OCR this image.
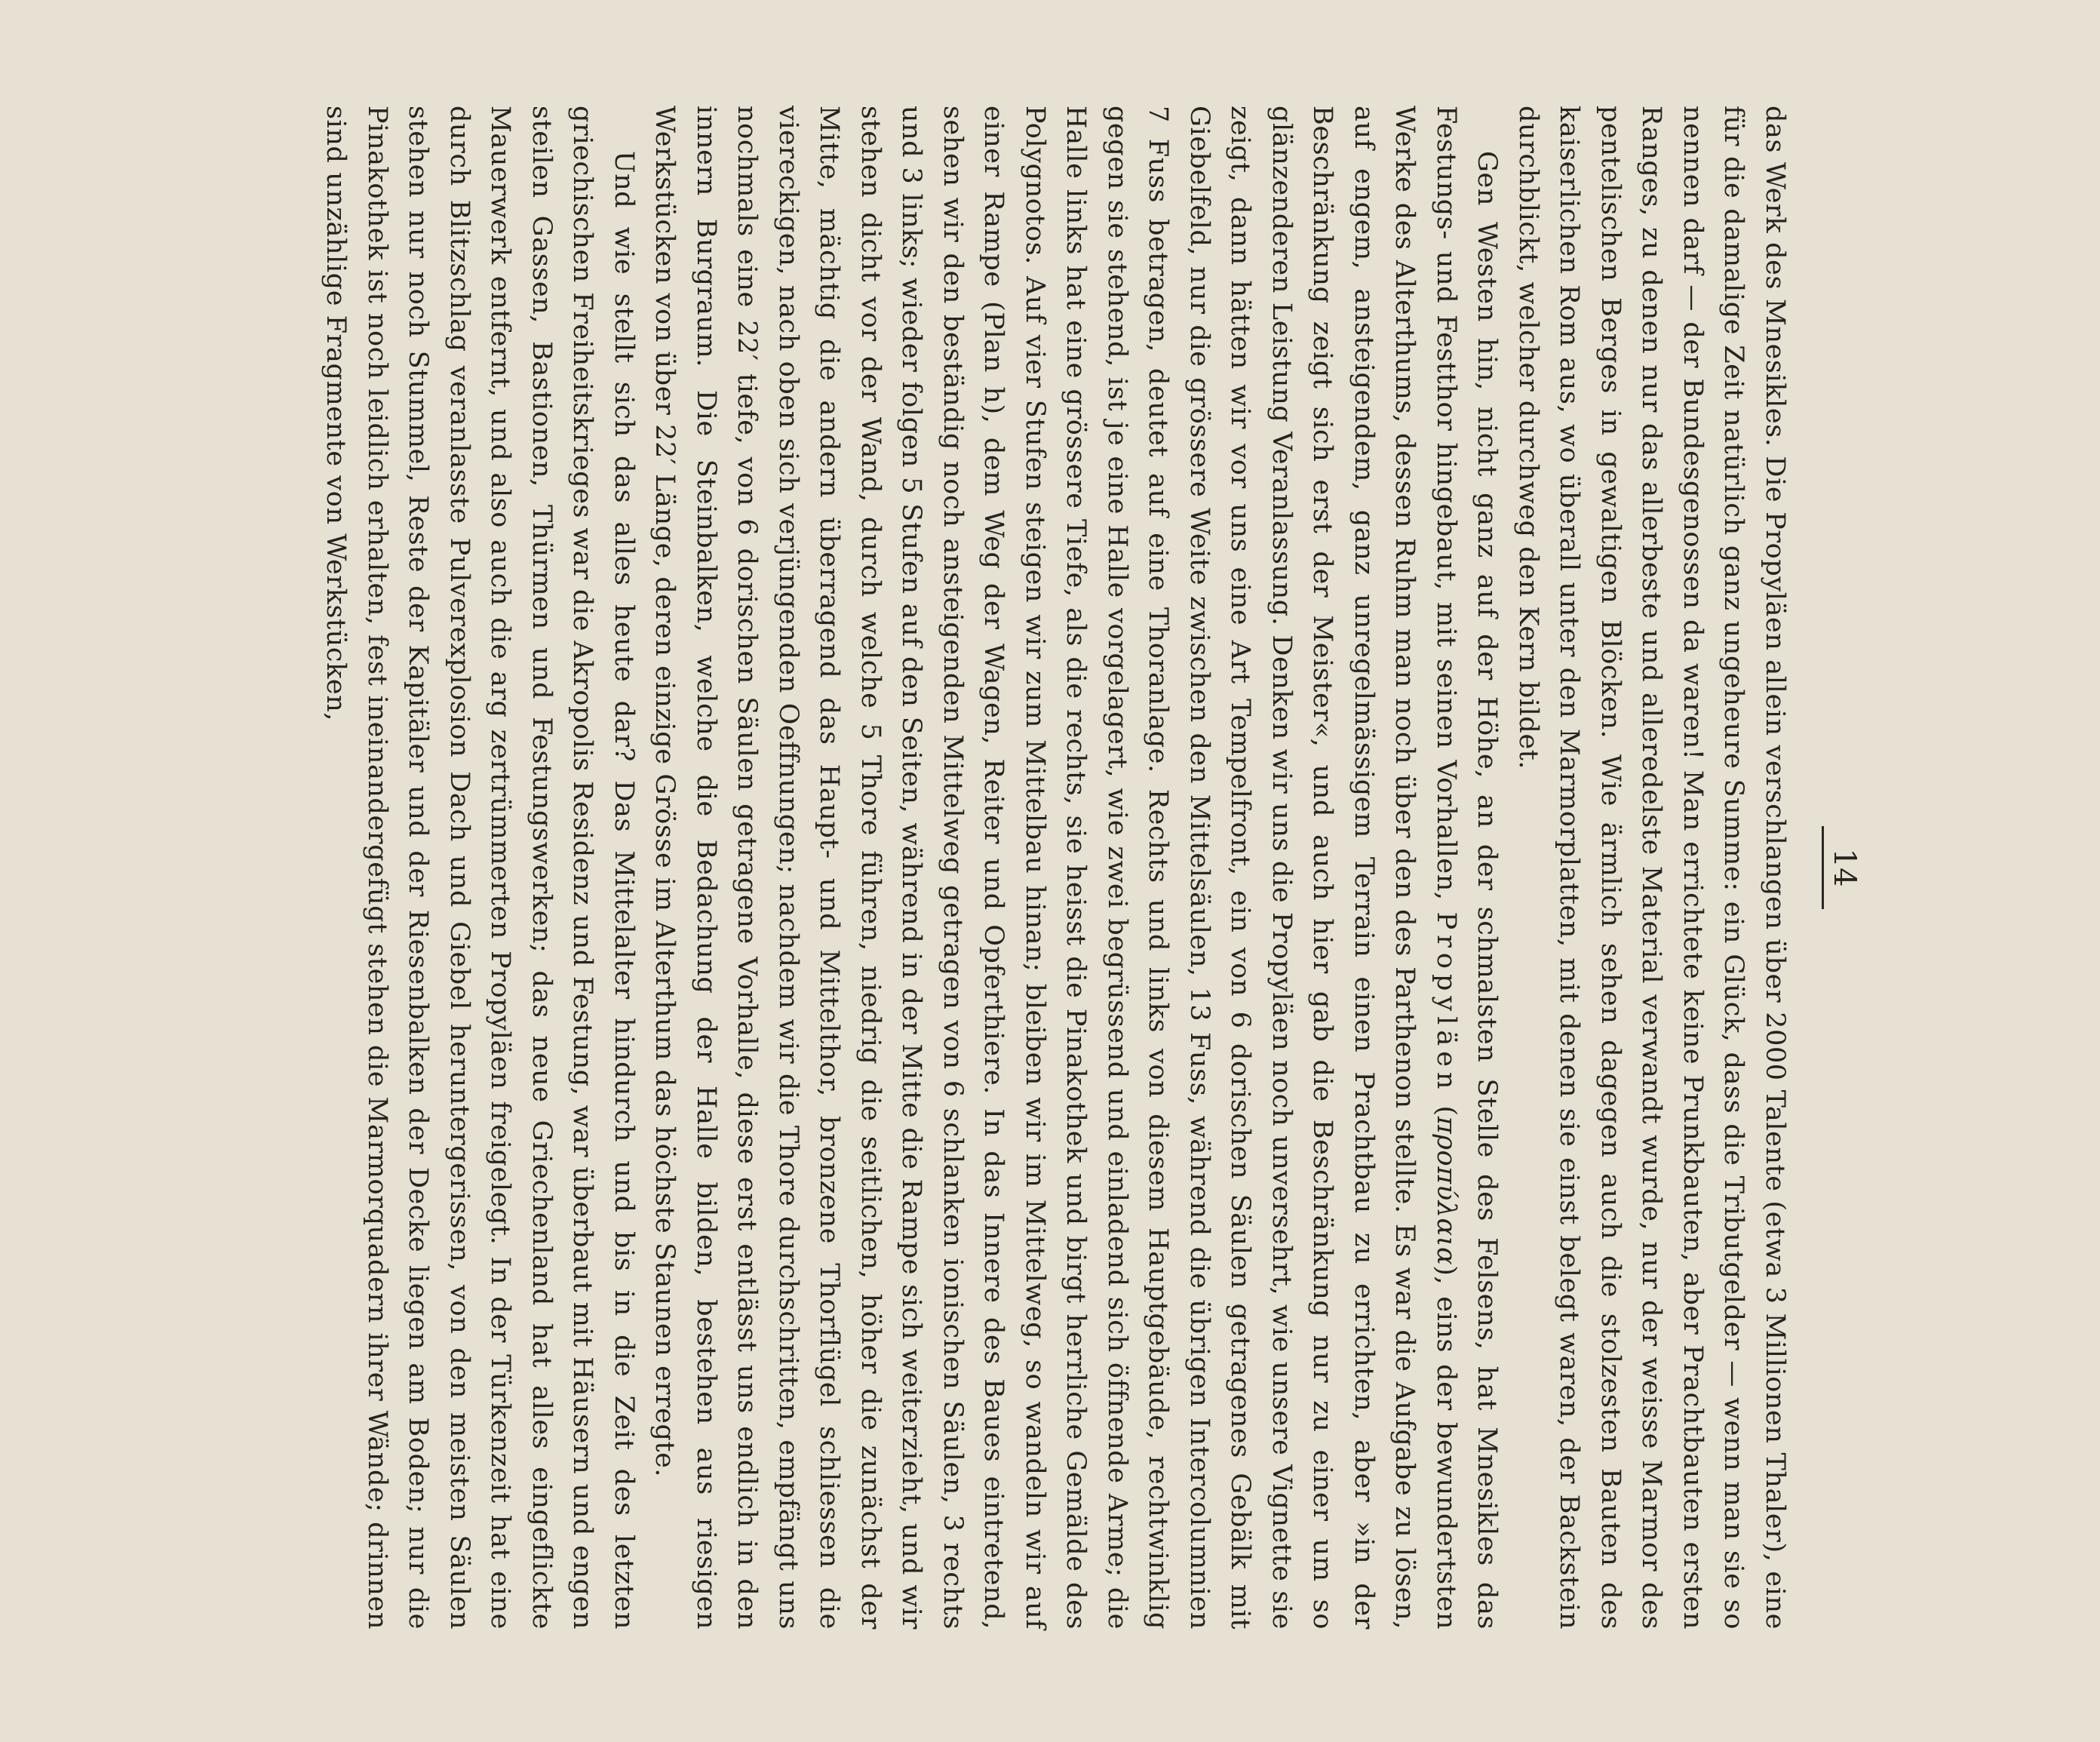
14

das Werk des Mnesikles. Die Propyläen allein verschlangen über 2000 Talente (etwa 3 Millionen Thaler), eine für die damalige Zeit natürlich ganz ungeheure Summe: ein Glück, dass die Tributgelder — wenn man sie so nennen darf — der Bundesgenossen da waren! Man errichtete keine Prunkbauten, aber Prachtbauten ersten Ranges, zu denen nur das allerbeste und alleredelste Material verwandt wurde, nur der weisse Marmor des pentelischen Berges in gewaltigen Blöcken. Wie ärmlich sehen dagegen auch die stolzesten Bauten des kaiserlichen Rom aus, wo überall unter den Marmorplatten, mit denen sie einst belegt waren, der Backstein durchblickt, welcher durchweg den Kern bildet.

Gen Westen hin, nicht ganz auf der Höhe, an der schmalsten Stelle des Felsens, hat Mnesikles das Festungs- und Festthor hingebaut, mit seinen Vorhallen, Propyläen (προπύλαια), eins der bewundertsten Werke des Alterthums, dessen Ruhm man noch über den des Parthenon stellte. Es war die Aufgabe zu lösen, auf engem, ansteigendem, ganz unregelmässigem Terrain einen Prachtbau zu errichten, aber »in der Beschränkung zeigt sich erst der Meister«, und auch hier gab die Beschränkung nur zu einer um so glänzenderen Leistung Veranlassung. Denken wir uns die Propyläen noch unversehrt, wie unsere Vignette sie zeigt, dann hätten wir vor uns eine Art Tempelfront, ein von 6 dorischen Säulen getragenes Gebälk mit Giebelfeld, nur die grössere Weite zwischen den Mittelsäulen, 13 Fuss, während die übrigen Intercolumnien 7 Fuss betragen, deutet auf eine Thoranlage. Rechts und links von diesem Hauptgebäude, rechtwinklig gegen sie stehend, ist je eine Halle vorgelagert, wie zwei begrüssend und einladend sich öffnende Arme; die Halle links hat eine grössere Tiefe, als die rechts, sie heisst die Pinakothek und birgt herrliche Gemälde des Polygnotos. Auf vier Stufen steigen wir zum Mittelbau hinan; bleiben wir im Mittelweg, so wandeln wir auf einer Rampe (Plan h), dem Weg der Wagen, Reiter und Opferthiere. In das Innere des Baues eintretend, sehen wir den beständig noch ansteigenden Mittelweg getragen von 6 schlanken ionischen Säulen, 3 rechts und 3 links; wieder folgen 5 Stufen auf den Seiten, während in der Mitte die Rampe sich weiterzieht, und wir stehen dicht vor der Wand, durch welche 5 Thore führen, niedrig die seitlichen, höher die zunächst der Mitte, mächtig die andern überragend das Haupt- und Mittelthor, bronzene Thorflügel schliessen die viereckigen, nach oben sich verjüngenden Oeffnungen; nachdem wir die Thore durchschritten, empfängt uns nochmals eine 22′ tiefe, von 6 dorischen Säulen getragene Vorhalle, diese erst entlässt uns endlich in den innern Burgraum. Die Steinbalken, welche die Bedachung der Halle bilden, bestehen aus riesigen Werkstücken von über 22′ Länge, deren einzige Grösse im Alterthum das höchste Staunen erregte.

Und wie stellt sich das alles heute dar? Das Mittelalter hindurch und bis in die Zeit des letzten griechischen Freiheitskrieges war die Akropolis Residenz und Festung, war überbaut mit Häusern und engen steilen Gassen, Bastionen, Thürmen und Festungswerken; das neue Griechenland hat alles eingeflickte Mauerwerk entfernt, und also auch die arg zertrümmerten Propyläen freigelegt. In der Türkenzeit hat eine durch Blitzschlag veranlasste Pulverexplosion Dach und Giebel heruntergerissen, von den meisten Säulen stehen nur noch Stummel, Reste der Kapitäler und der Riesenbalken der Decke liegen am Boden; nur die Pinakothek ist noch leidlich erhalten, fest ineinandergefügt stehen die Marmorquadern ihrer Wände; drinnen sind unzählige Fragmente von Werkstücken,
